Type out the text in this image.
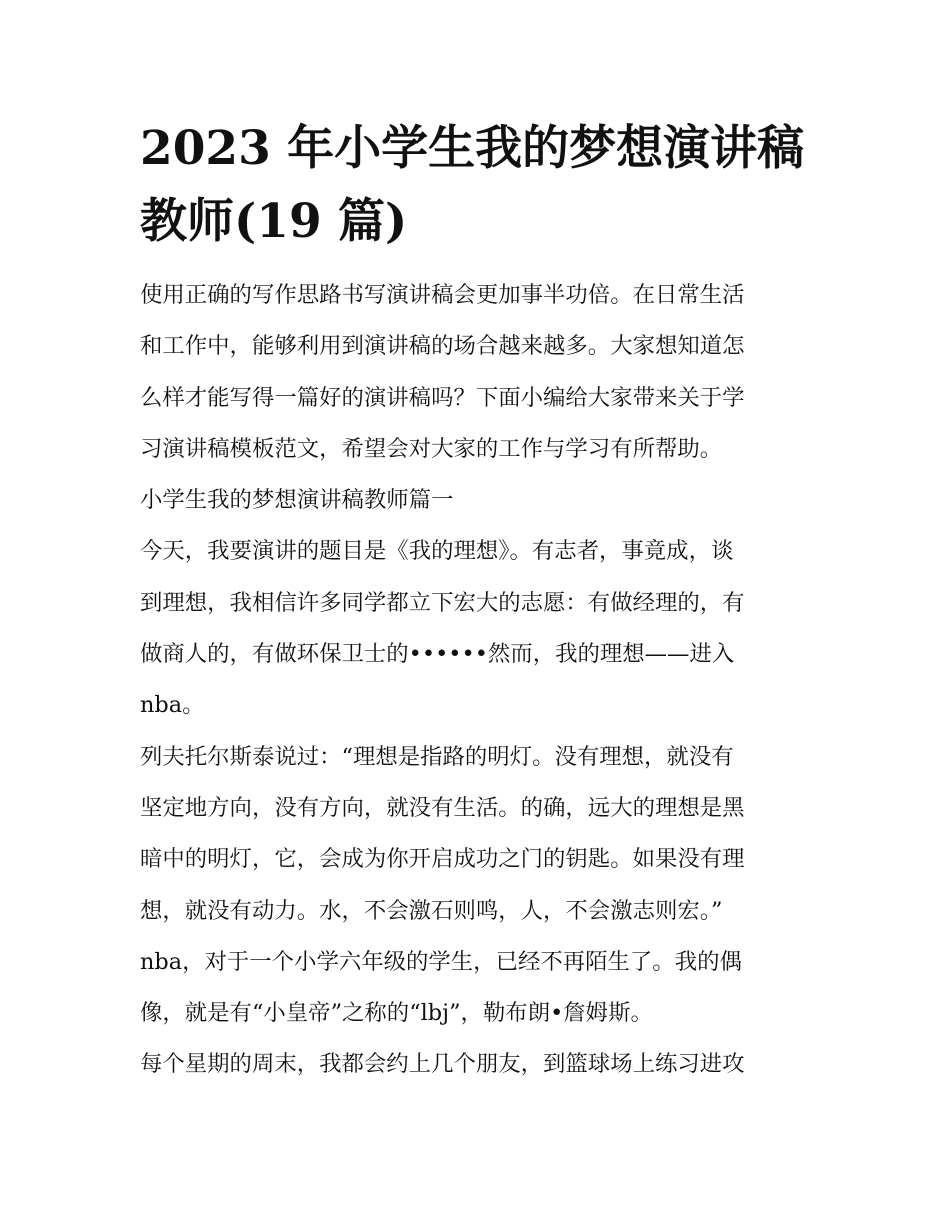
2023 年小学生我的梦想演讲稿
教师(19 篇)
使用正确的写作思路书写演讲稿会更加事半功倍。在日常生活
和工作中，能够利用到演讲稿的场合越来越多。大家想知道怎
么样才能写得一篇好的演讲稿吗？下面小编给大家带来关于学
习演讲稿模板范文，希望会对大家的工作与学习有所帮助。
小学生我的梦想演讲稿教师篇一
今天，我要演讲的题目是《我的理想》。有志者，事竟成，谈
到理想，我相信许多同学都立下宏大的志愿：有做经理的，有
做商人的，有做环保卫士的••••••然而，我的理想——进入
nba。
列夫托尔斯泰说过：“理想是指路的明灯。没有理想，就没有
坚定地方向，没有方向，就没有生活。的确，远大的理想是黑
暗中的明灯，它，会成为你开启成功之门的钥匙。如果没有理
想，就没有动力。水，不会激石则鸣，人，不会激志则宏。”
nba，对于一个小学六年级的学生，已经不再陌生了。我的偶
像，就是有“小皇帝”之称的“lbj”，勒布朗•詹姆斯。
每个星期的周末，我都会约上几个朋友，到篮球场上练习进攻
